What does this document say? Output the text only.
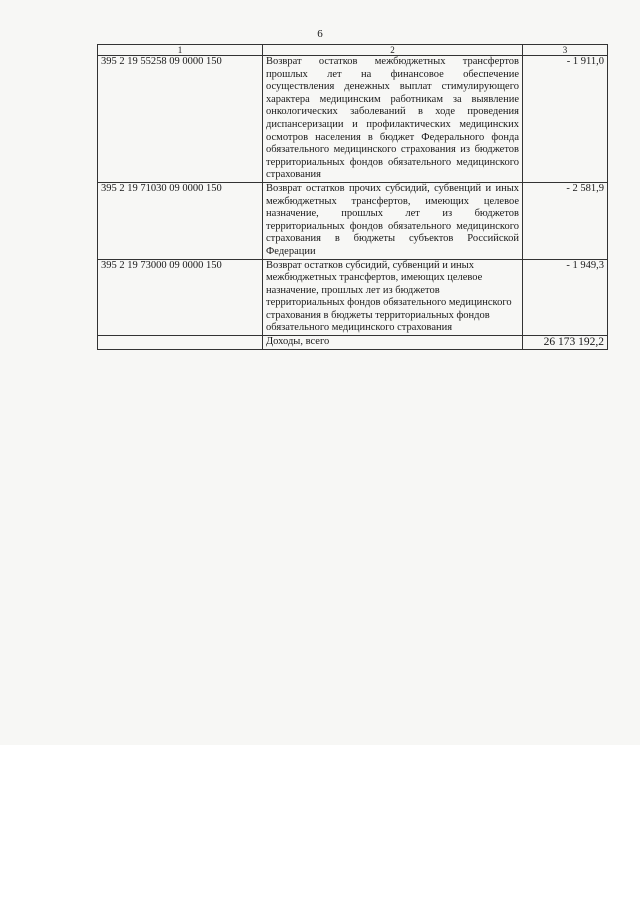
6
1	2	3
395 2 19 55258 09 0000 150	Возврат остатков межбюджетных трансфертов прошлых лет на финансовое обеспечение осуществления денежных выплат стимулирующего характера медицинским работникам за выявление онкологических заболеваний в ходе проведения диспансеризации и профилактических медицинских осмотров населения в бюджет Федерального фонда обязательного медицинского страхования из бюджетов территориальных фондов обязательного медицинского страхования	- 1 911,0
395 2 19 71030 09 0000 150	Возврат остатков прочих субсидий, субвенций и иных межбюджетных трансфертов, имеющих целевое назначение, прошлых лет из бюджетов территориальных фондов обязательного медицинского страхования в бюджеты субъектов Российской Федерации	- 2 581,9
395 2 19 73000 09 0000 150	Возврат остатков субсидий, субвенций и иных межбюджетных трансфертов, имеющих целевое назначение, прошлых лет из бюджетов территориальных фондов обязательного медицинского страхования в бюджеты территориальных фондов обязательного медицинского страхования	- 1 949,3
	Доходы, всего	26 173 192,2
